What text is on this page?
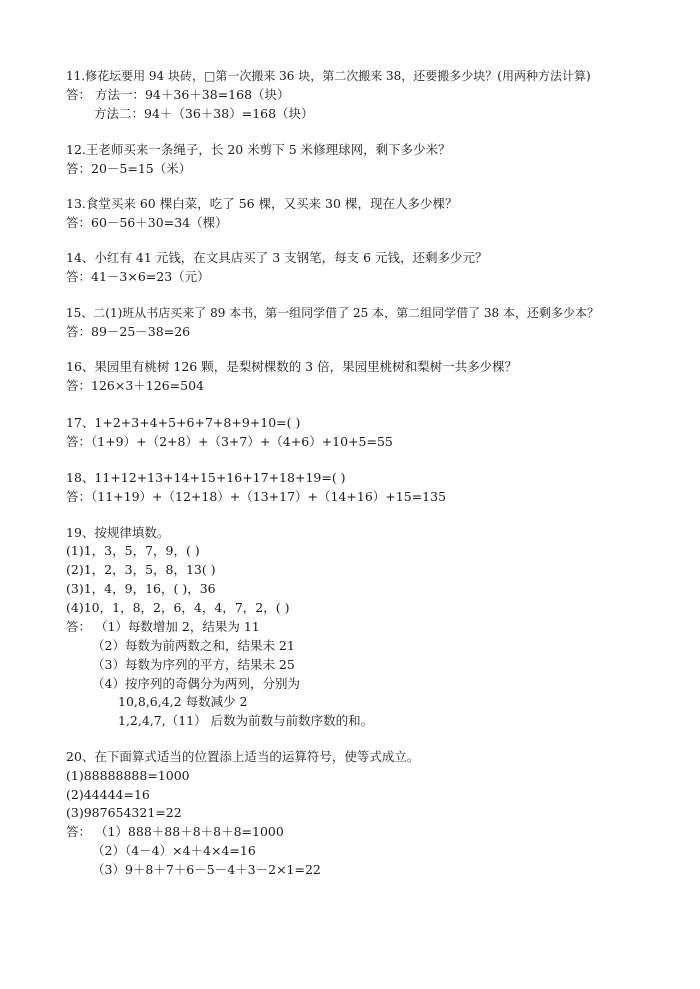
11.修花坛要用 94 块砖，□第一次搬来 36 块，第二次搬来 38，还要搬多少块？(用两种方法计算)
答： 方法一：94＋36＋38=168（块）
方法二：94＋（36＋38）=168（块）
12.王老师买来一条绳子，长 20 米剪下 5 米修理球网，剩下多少米？
答：20－5=15（米）
13.食堂买来 60 棵白菜，吃了 56 棵，又买来 30 棵，现在人多少棵？
答：60－56＋30=34（棵）
14、小红有 41 元钱，在文具店买了 3 支钢笔，每支 6 元钱，还剩多少元？
答：41－3×6=23（元）
15、二(1)班从书店买来了 89 本书，第一组同学借了 25 本，第二组同学借了 38 本，还剩多少本？
答：89－25－38=26
16、果园里有桃树 126 颗，是梨树棵数的 3 倍，果园里桃树和梨树一共多少棵？
答：126×3＋126=504
17、1+2+3+4+5+6+7+8+9+10=( )
答：（1+9）+（2+8）+（3+7）+（4+6）+10+5=55
18、11+12+13+14+15+16+17+18+19=( )
答：（11+19）+（12+18）+（13+17）+（14+16）+15=135
19、按规律填数。
(1)1，3，5，7，9，( )
(2)1，2，3，5，8，13( )
(3)1，4，9，16，( )，36
(4)10，1，8，2，6，4，4，7，2，( )
答： （1）每数增加 2，结果为 11
（2）每数为前两数之和，结果未 21
（3）每数为序列的平方，结果未 25
（4）按序列的奇偶分为两列，分别为
10,8,6,4,2 每数减少 2
1,2,4,7,（11） 后数为前数与前数序数的和。
20、在下面算式适当的位置添上适当的运算符号，使等式成立。
(1)88888888=1000
(2)44444=16
(3)987654321=22
答： （1）888＋88＋8＋8＋8=1000
（2）（4－4）×4＋4×4=16
（3）9＋8＋7＋6－5－4＋3－2×1=22
